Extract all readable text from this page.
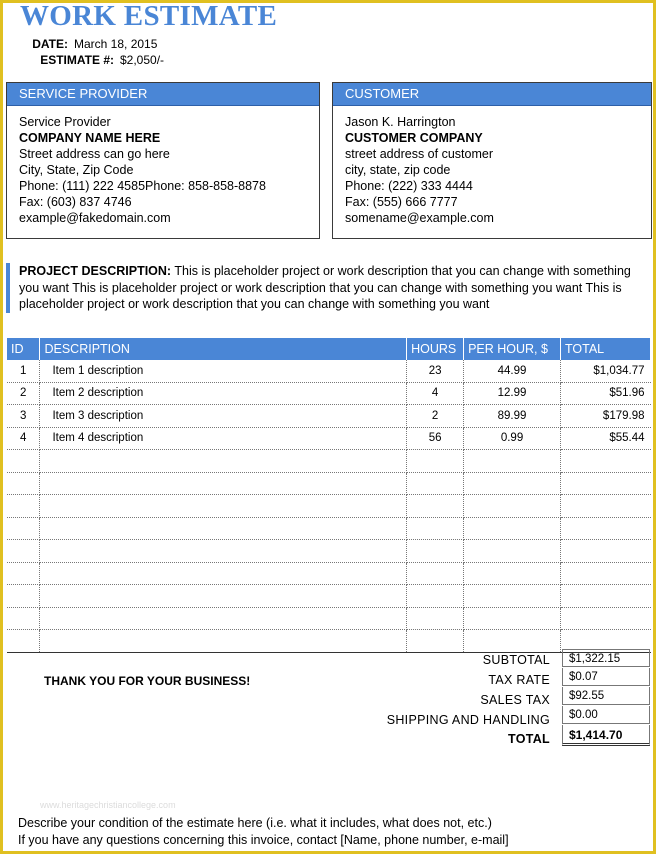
WORK ESTIMATE
DATE: March 18, 2015
ESTIMATE #: $2,050/-
SERVICE PROVIDER
Service Provider
COMPANY NAME HERE
Street address can go here
City, State, Zip Code
Phone: (111) 222 4585Phone: 858-858-8878
Fax: (603) 837 4746
example@fakedomain.com
CUSTOMER
Jason K. Harrington
CUSTOMER COMPANY
street address of customer
city, state, zip code
Phone: (222) 333 4444
Fax: (555) 666 7777
somename@example.com
PROJECT DESCRIPTION: This is placeholder project or work description that you can change with something you want This is placeholder project or work description that you can change with something you want This is placeholder project or work description that you can change with something you want
ID	DESCRIPTION	HOURS	PER HOUR, $	TOTAL
1	Item 1 description	23	44.99	$1,034.77
2	Item 2 description	4	12.99	$51.96
3	Item 3 description	2	89.99	$179.98
4	Item 4 description	56	0.99	$55.44

SUBTOTAL	$1,322.15
TAX RATE	$0.07
SALES TAX	$92.55
SHIPPING AND HANDLING	$0.00
TOTAL	$1,414.70
THANK YOU FOR YOUR BUSINESS!
www.heritagechristiancollege.com
Describe your condition of the estimate here (i.e. what it includes, what does not, etc.)
If you have any questions concerning this invoice, contact [Name, phone number, e-mail]
